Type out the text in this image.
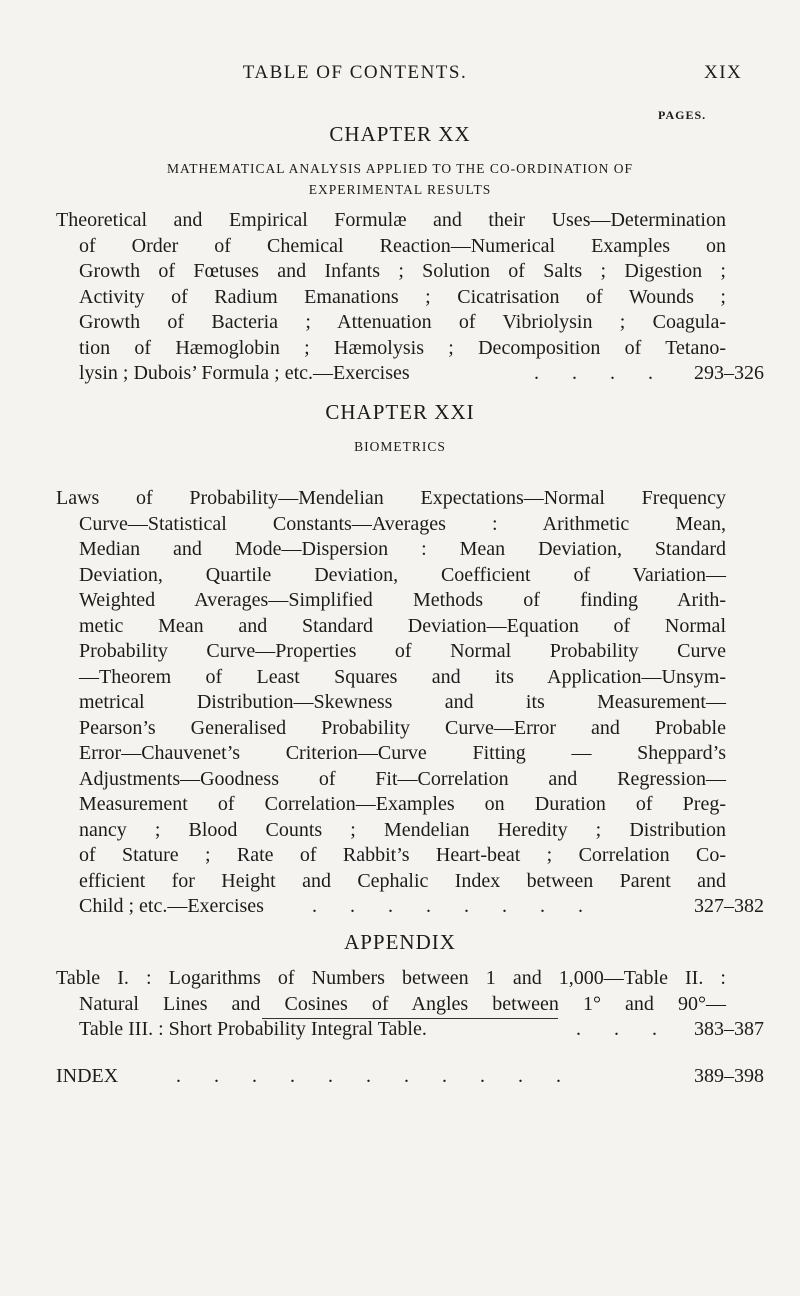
TABLE OF CONTENTS.	XIX
PAGES.
CHAPTER XX
MATHEMATICAL ANALYSIS APPLIED TO THE CO-ORDINATION OF
EXPERIMENTAL RESULTS
Theoretical and Empirical Formulæ and their Uses—Determination
of Order of Chemical Reaction—Numerical Examples on
Growth of Fœtuses and Infants ; Solution of Salts ; Digestion ;
Activity of Radium Emanations ; Cicatrisation of Wounds ;
Growth of Bacteria ; Attenuation of Vibriolysin ; Coagula-
tion of Hæmoglobin ; Hæmolysis ; Decomposition of Tetano-
lysin ; Dubois’ Formula ; etc.—Exercises	. . . . 293–326
CHAPTER XXI
BIOMETRICS
Laws of Probability—Mendelian Expectations—Normal Frequency
Curve—Statistical Constants—Averages : Arithmetic Mean,
Median and Mode—Dispersion : Mean Deviation, Standard
Deviation, Quartile Deviation, Coefficient of Variation—
Weighted Averages—Simplified Methods of finding Arith-
metic Mean and Standard Deviation—Equation of Normal
Probability Curve—Properties of Normal Probability Curve
—Theorem of Least Squares and its Application—Unsym-
metrical Distribution—Skewness and its Measurement—
Pearson’s Generalised Probability Curve—Error and Probable
Error—Chauvenet’s Criterion—Curve Fitting — Sheppard’s
Adjustments—Goodness of Fit—Correlation and Regression—
Measurement of Correlation—Examples on Duration of Preg-
nancy ; Blood Counts ; Mendelian Heredity ; Distribution
of Stature ; Rate of Rabbit’s Heart-beat ; Correlation Co-
efficient for Height and Cephalic Index between Parent and
Child ; etc.—Exercises	. . . . . . . .	327–382
APPENDIX
Table I. : Logarithms of Numbers between 1 and 1,000—Table II. :
Natural Lines and Cosines of Angles between 1° and 90°—
Table III. : Short Probability Integral Table.	. . . 383–387
INDEX	. . . . . . . . . . .	389–398
